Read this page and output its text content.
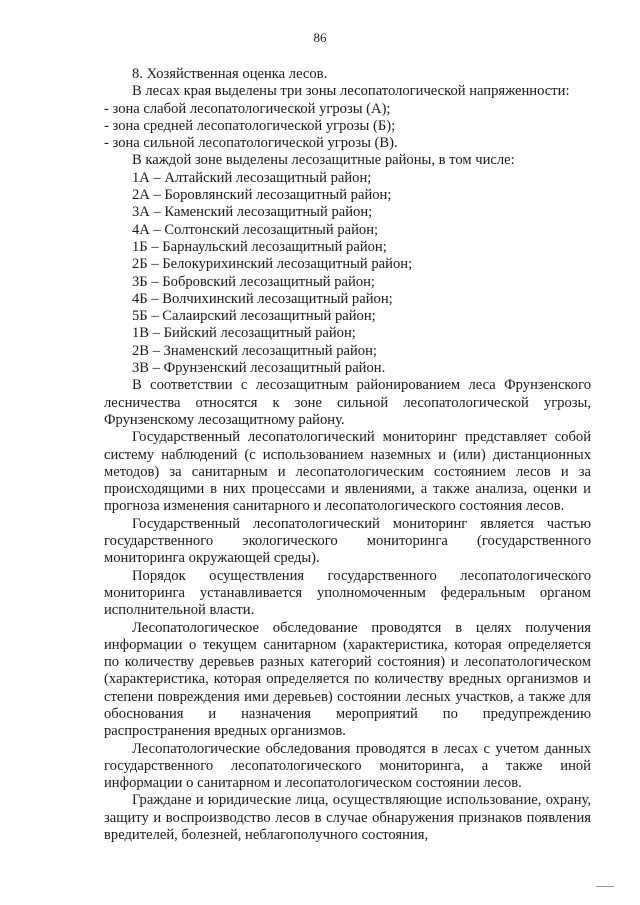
86
8. Хозяйственная оценка лесов.
В лесах края выделены три зоны лесопатологической напряженности:
- зона слабой лесопатологической угрозы (А);
- зона средней лесопатологической угрозы (Б);
- зона сильной лесопатологической угрозы (В).
В каждой зоне выделены лесозащитные районы, в том числе:
1А – Алтайский лесозащитный район;
2А – Боровлянский лесозащитный район;
3А – Каменский лесозащитный район;
4А – Солтонский лесозащитный район;
1Б – Барнаульский лесозащитный район;
2Б – Белокурихинский лесозащитный район;
3Б – Бобровский лесозащитный район;
4Б – Волчихинский лесозащитный район;
5Б – Салаирский лесозащитный район;
1В – Бийский лесозащитный район;
2В – Знаменский лесозащитный район;
3В – Фрунзенский лесозащитный район.

В соответствии с лесозащитным районированием леса Фрунзенского лесничества относятся к зоне сильной лесопатологической угрозы, Фрунзенскому лесозащитному району.

Государственный лесопатологический мониторинг представляет собой систему наблюдений (с использованием наземных и (или) дистанционных методов) за санитарным и лесопатологическим состоянием лесов и за происходящими в них процессами и явлениями, а также анализа, оценки и прогноза изменения санитарного и лесопатологического состояния лесов.

Государственный лесопатологический мониторинг является частью государственного экологического мониторинга (государственного мониторинга окружающей среды).

Порядок осуществления государственного лесопатологического мониторинга устанавливается уполномоченным федеральным органом исполнительной власти.

Лесопатологическое обследование проводятся в целях получения информации о текущем санитарном (характеристика, которая определяется по количеству деревьев разных категорий состояния) и лесопатологическом (характеристика, которая определяется по количеству вредных организмов и степени повреждения ими деревьев) состоянии лесных участков, а также для обоснования и назначения мероприятий по предупреждению распространения вредных организмов.

Лесопатологические обследования проводятся в лесах с учетом данных государственного лесопатологического мониторинга, а также иной информации о санитарном и лесопатологическом состоянии лесов.

Граждане и юридические лица, осуществляющие использование, охрану, защиту и воспроизводство лесов в случае обнаружения признаков появления вредителей, болезней, неблагополучного состояния,
